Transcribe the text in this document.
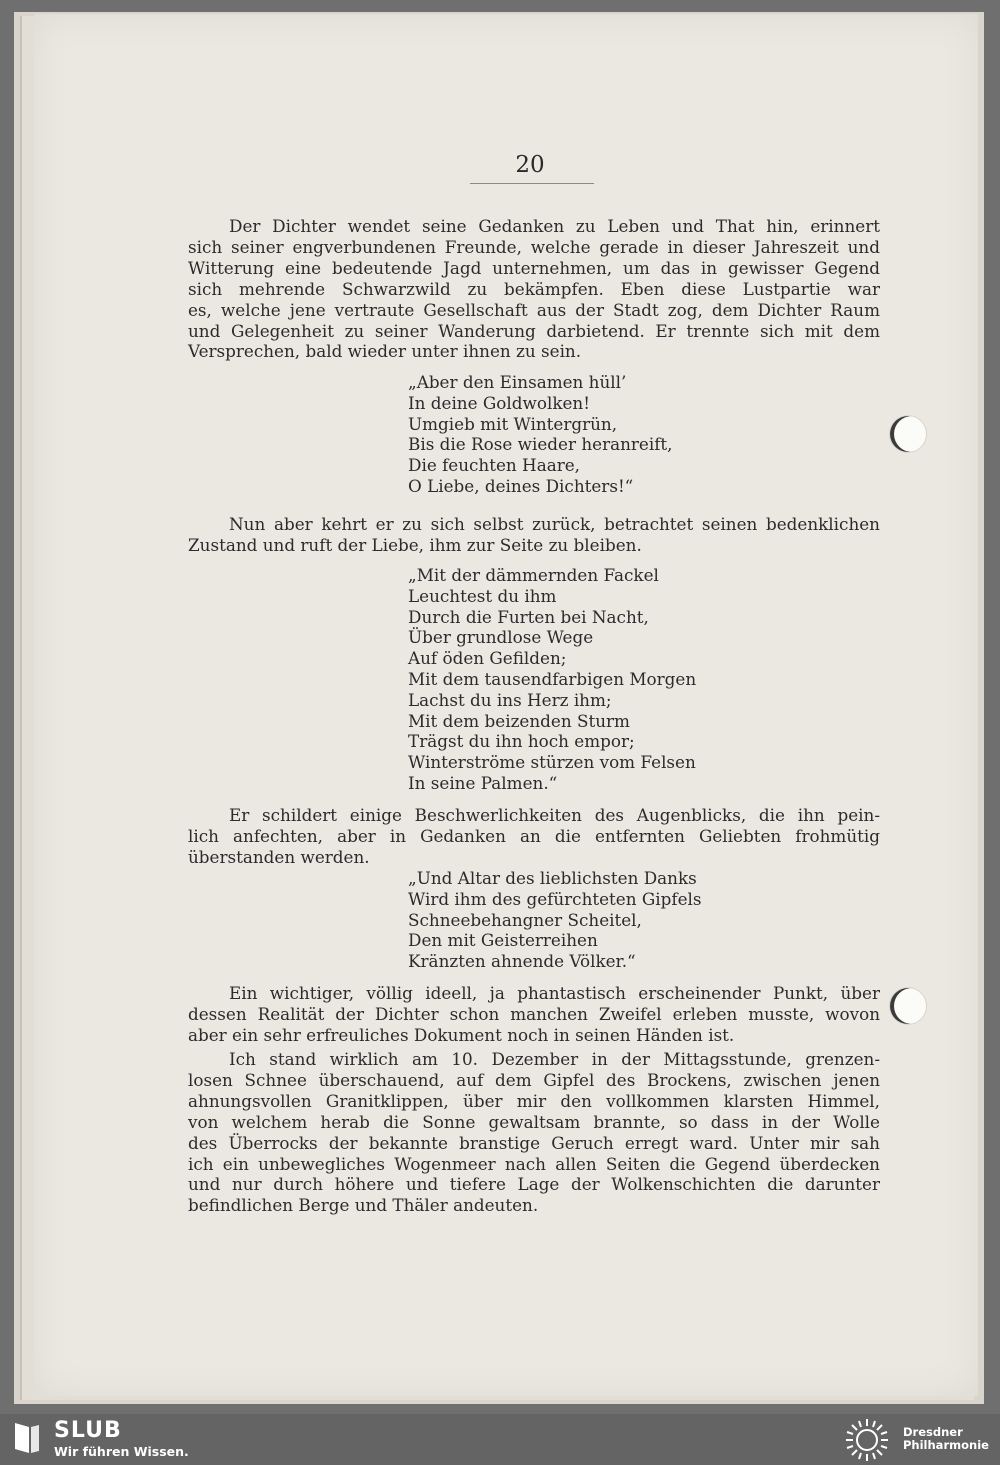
20

Der Dichter wendet seine Gedanken zu Leben und That hin, erinnert
sich seiner engverbundenen Freunde, welche gerade in dieser Jahreszeit und
Witterung eine bedeutende Jagd unternehmen, um das in gewisser Gegend
sich mehrende Schwarzwild zu bekämpfen. Eben diese Lustpartie war
es, welche jene vertraute Gesellschaft aus der Stadt zog, dem Dichter Raum
und Gelegenheit zu seiner Wanderung darbietend. Er trennte sich mit dem
Versprechen, bald wieder unter ihnen zu sein.

„Aber den Einsamen hüll’
In deine Goldwolken!
Umgieb mit Wintergrün,
Bis die Rose wieder heranreift,
Die feuchten Haare,
O Liebe, deines Dichters!“

Nun aber kehrt er zu sich selbst zurück, betrachtet seinen bedenklichen
Zustand und ruft der Liebe, ihm zur Seite zu bleiben.

„Mit der dämmernden Fackel
Leuchtest du ihm
Durch die Furten bei Nacht,
Über grundlose Wege
Auf öden Gefilden;
Mit dem tausendfarbigen Morgen
Lachst du ins Herz ihm;
Mit dem beizenden Sturm
Trägst du ihn hoch empor;
Winterströme stürzen vom Felsen
In seine Palmen.“

Er schildert einige Beschwerlichkeiten des Augenblicks, die ihn pein-
lich anfechten, aber in Gedanken an die entfernten Geliebten frohmütig
überstanden werden.

„Und Altar des lieblichsten Danks
Wird ihm des gefürchteten Gipfels
Schneebehangner Scheitel,
Den mit Geisterreihen
Kränzten ahnende Völker.“

Ein wichtiger, völlig ideell, ja phantastisch erscheinender Punkt, über
dessen Realität der Dichter schon manchen Zweifel erleben musste, wovon
aber ein sehr erfreuliches Dokument noch in seinen Händen ist.

Ich stand wirklich am 10. Dezember in der Mittagsstunde, grenzen-
losen Schnee überschauend, auf dem Gipfel des Brockens, zwischen jenen
ahnungsvollen Granitklippen, über mir den vollkommen klarsten Himmel,
von welchem herab die Sonne gewaltsam brannte, so dass in der Wolle
des Überrocks der bekannte branstige Geruch erregt ward. Unter mir sah
ich ein unbewegliches Wogenmeer nach allen Seiten die Gegend überdecken
und nur durch höhere und tiefere Lage der Wolkenschichten die darunter
befindlichen Berge und Thäler andeuten.

SLUB
Wir führen Wissen.
Dresdner
Philharmonie
